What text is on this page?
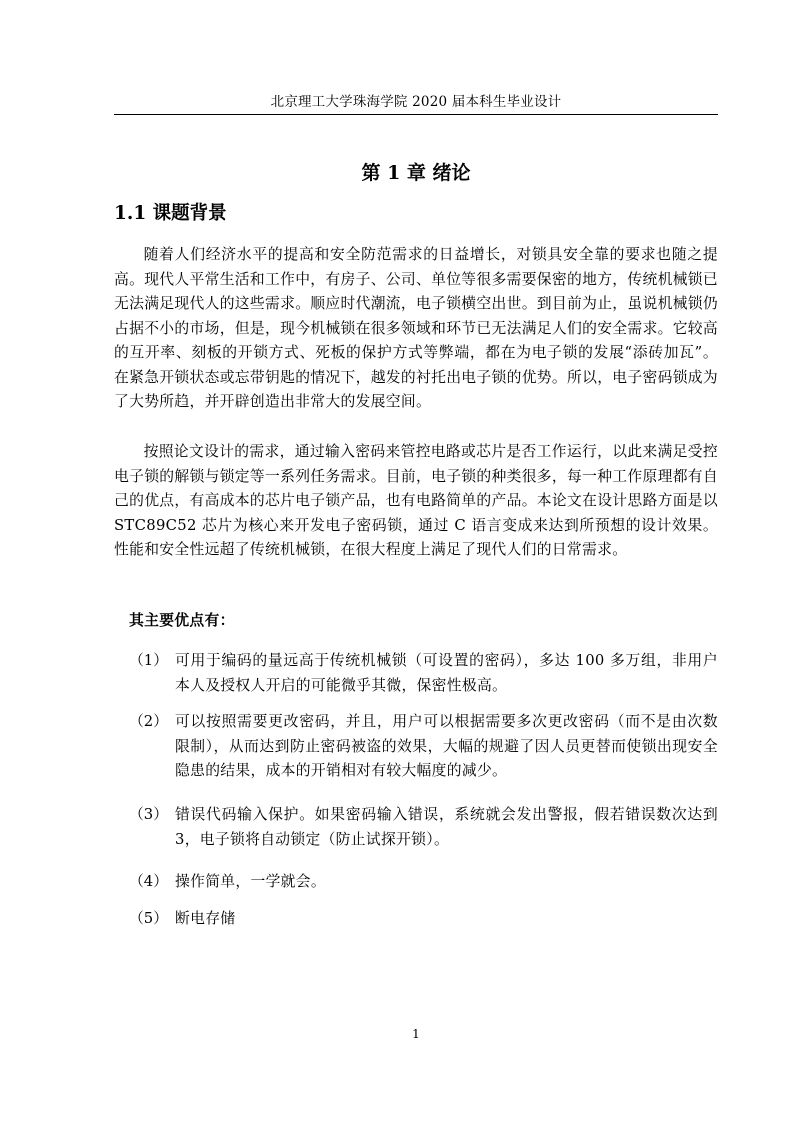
北京理工大学珠海学院 2020 届本科生毕业设计
第 1 章 绪论
1.1 课题背景

随着人们经济水平的提高和安全防范需求的日益增长，对锁具安全靠的要求也随之提高。现代人平常生活和工作中，有房子、公司、单位等很多需要保密的地方，传统机械锁已无法满足现代人的这些需求。顺应时代潮流，电子锁横空出世。到目前为止，虽说机械锁仍占据不小的市场，但是，现今机械锁在很多领域和环节已无法满足人们的安全需求。它较高的互开率、刻板的开锁方式、死板的保护方式等弊端，都在为电子锁的发展“添砖加瓦”。在紧急开锁状态或忘带钥匙的情况下，越发的衬托出电子锁的优势。所以，电子密码锁成为了大势所趋，并开辟创造出非常大的发展空间。

按照论文设计的需求，通过输入密码来管控电路或芯片是否工作运行，以此来满足受控电子锁的解锁与锁定等一系列任务需求。目前，电子锁的种类很多，每一种工作原理都有自己的优点，有高成本的芯片电子锁产品，也有电路简单的产品。本论文在设计思路方面是以 STC89C52 芯片为核心来开发电子密码锁，通过 C 语言变成来达到所预想的设计效果。性能和安全性远超了传统机械锁，在很大程度上满足了现代人们的日常需求。

其主要优点有：
（1） 可用于编码的量远高于传统机械锁（可设置的密码），多达 100 多万组，非用户本人及授权人开启的可能微乎其微，保密性极高。

（2） 可以按照需要更改密码，并且，用户可以根据需要多次更改密码（而不是由次数限制），从而达到防止密码被盗的效果，大幅的规避了因人员更替而使锁出现安全隐患的结果，成本的开销相对有较大幅度的减少。

（3） 错误代码输入保护。如果密码输入错误，系统就会发出警报，假若错误数次达到 3，电子锁将自动锁定（防止试探开锁）。

（4） 操作简单，一学就会。

（5） 断电存储

1
